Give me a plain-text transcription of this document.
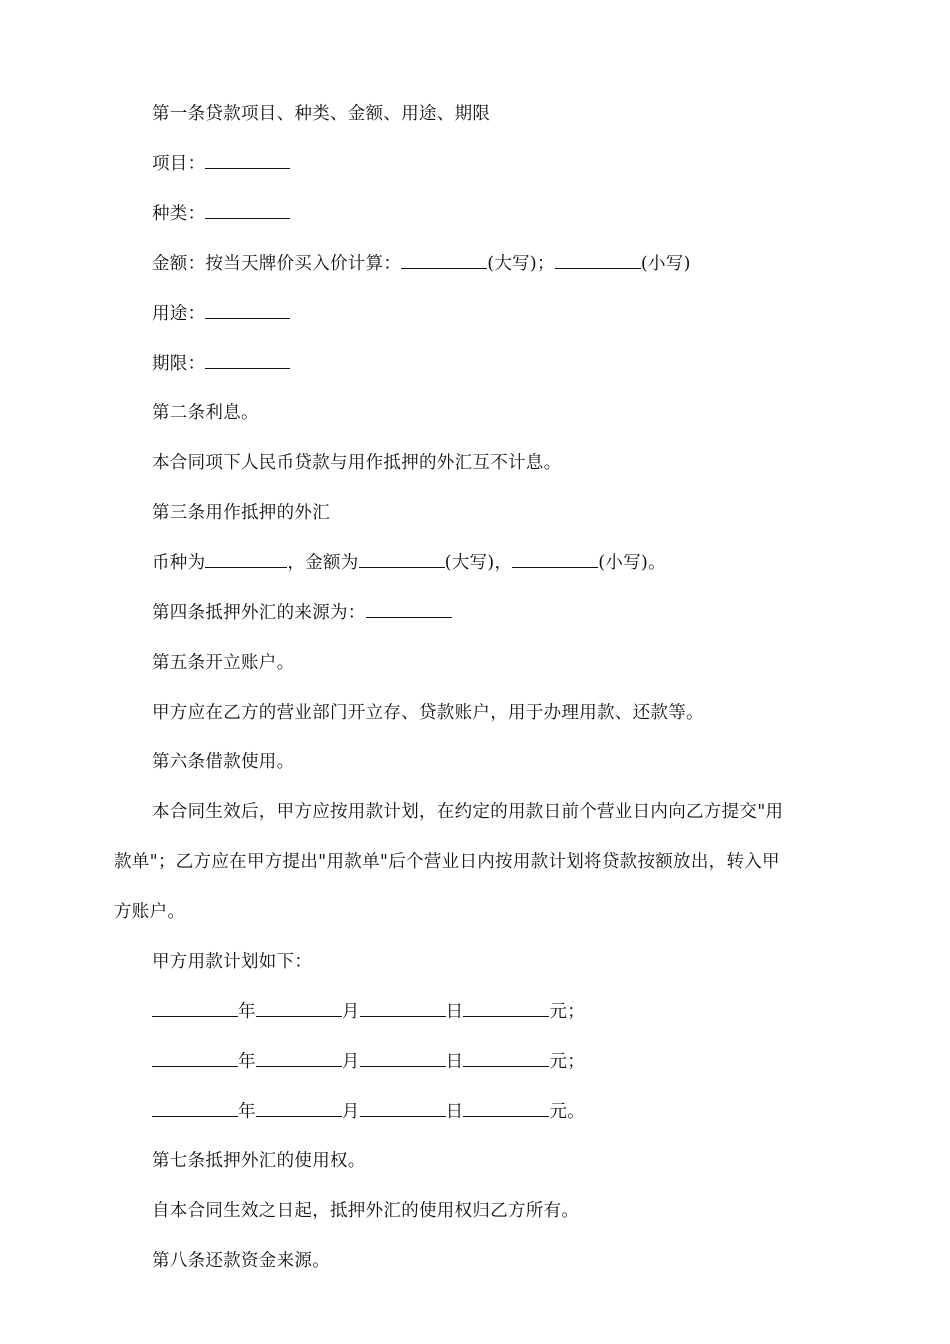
第一条贷款项目、种类、金额、用途、期限
项目：
种类：
金额：按当天牌价买入价计算：	(大写)；	(小写)
用途：
期限：
第二条利息。
本合同项下人民币贷款与用作抵押的外汇互不计息。
第三条用作抵押的外汇
币种为	，金额为	(大写)，	(小写)。
第四条抵押外汇的来源为：
第五条开立账户。
甲方应在乙方的营业部门开立存、贷款账户，用于办理用款、还款等。
第六条借款使用。
本合同生效后，甲方应按用款计划，在约定的用款日前个营业日内向乙方提交"用
款单"；乙方应在甲方提出"用款单"后个营业日内按用款计划将贷款按额放出，转入甲
方账户。
甲方用款计划如下：
年	月	日	元；
年	月	日	元；
年	月	日	元。
第七条抵押外汇的使用权。
自本合同生效之日起，抵押外汇的使用权归乙方所有。
第八条还款资金来源。
